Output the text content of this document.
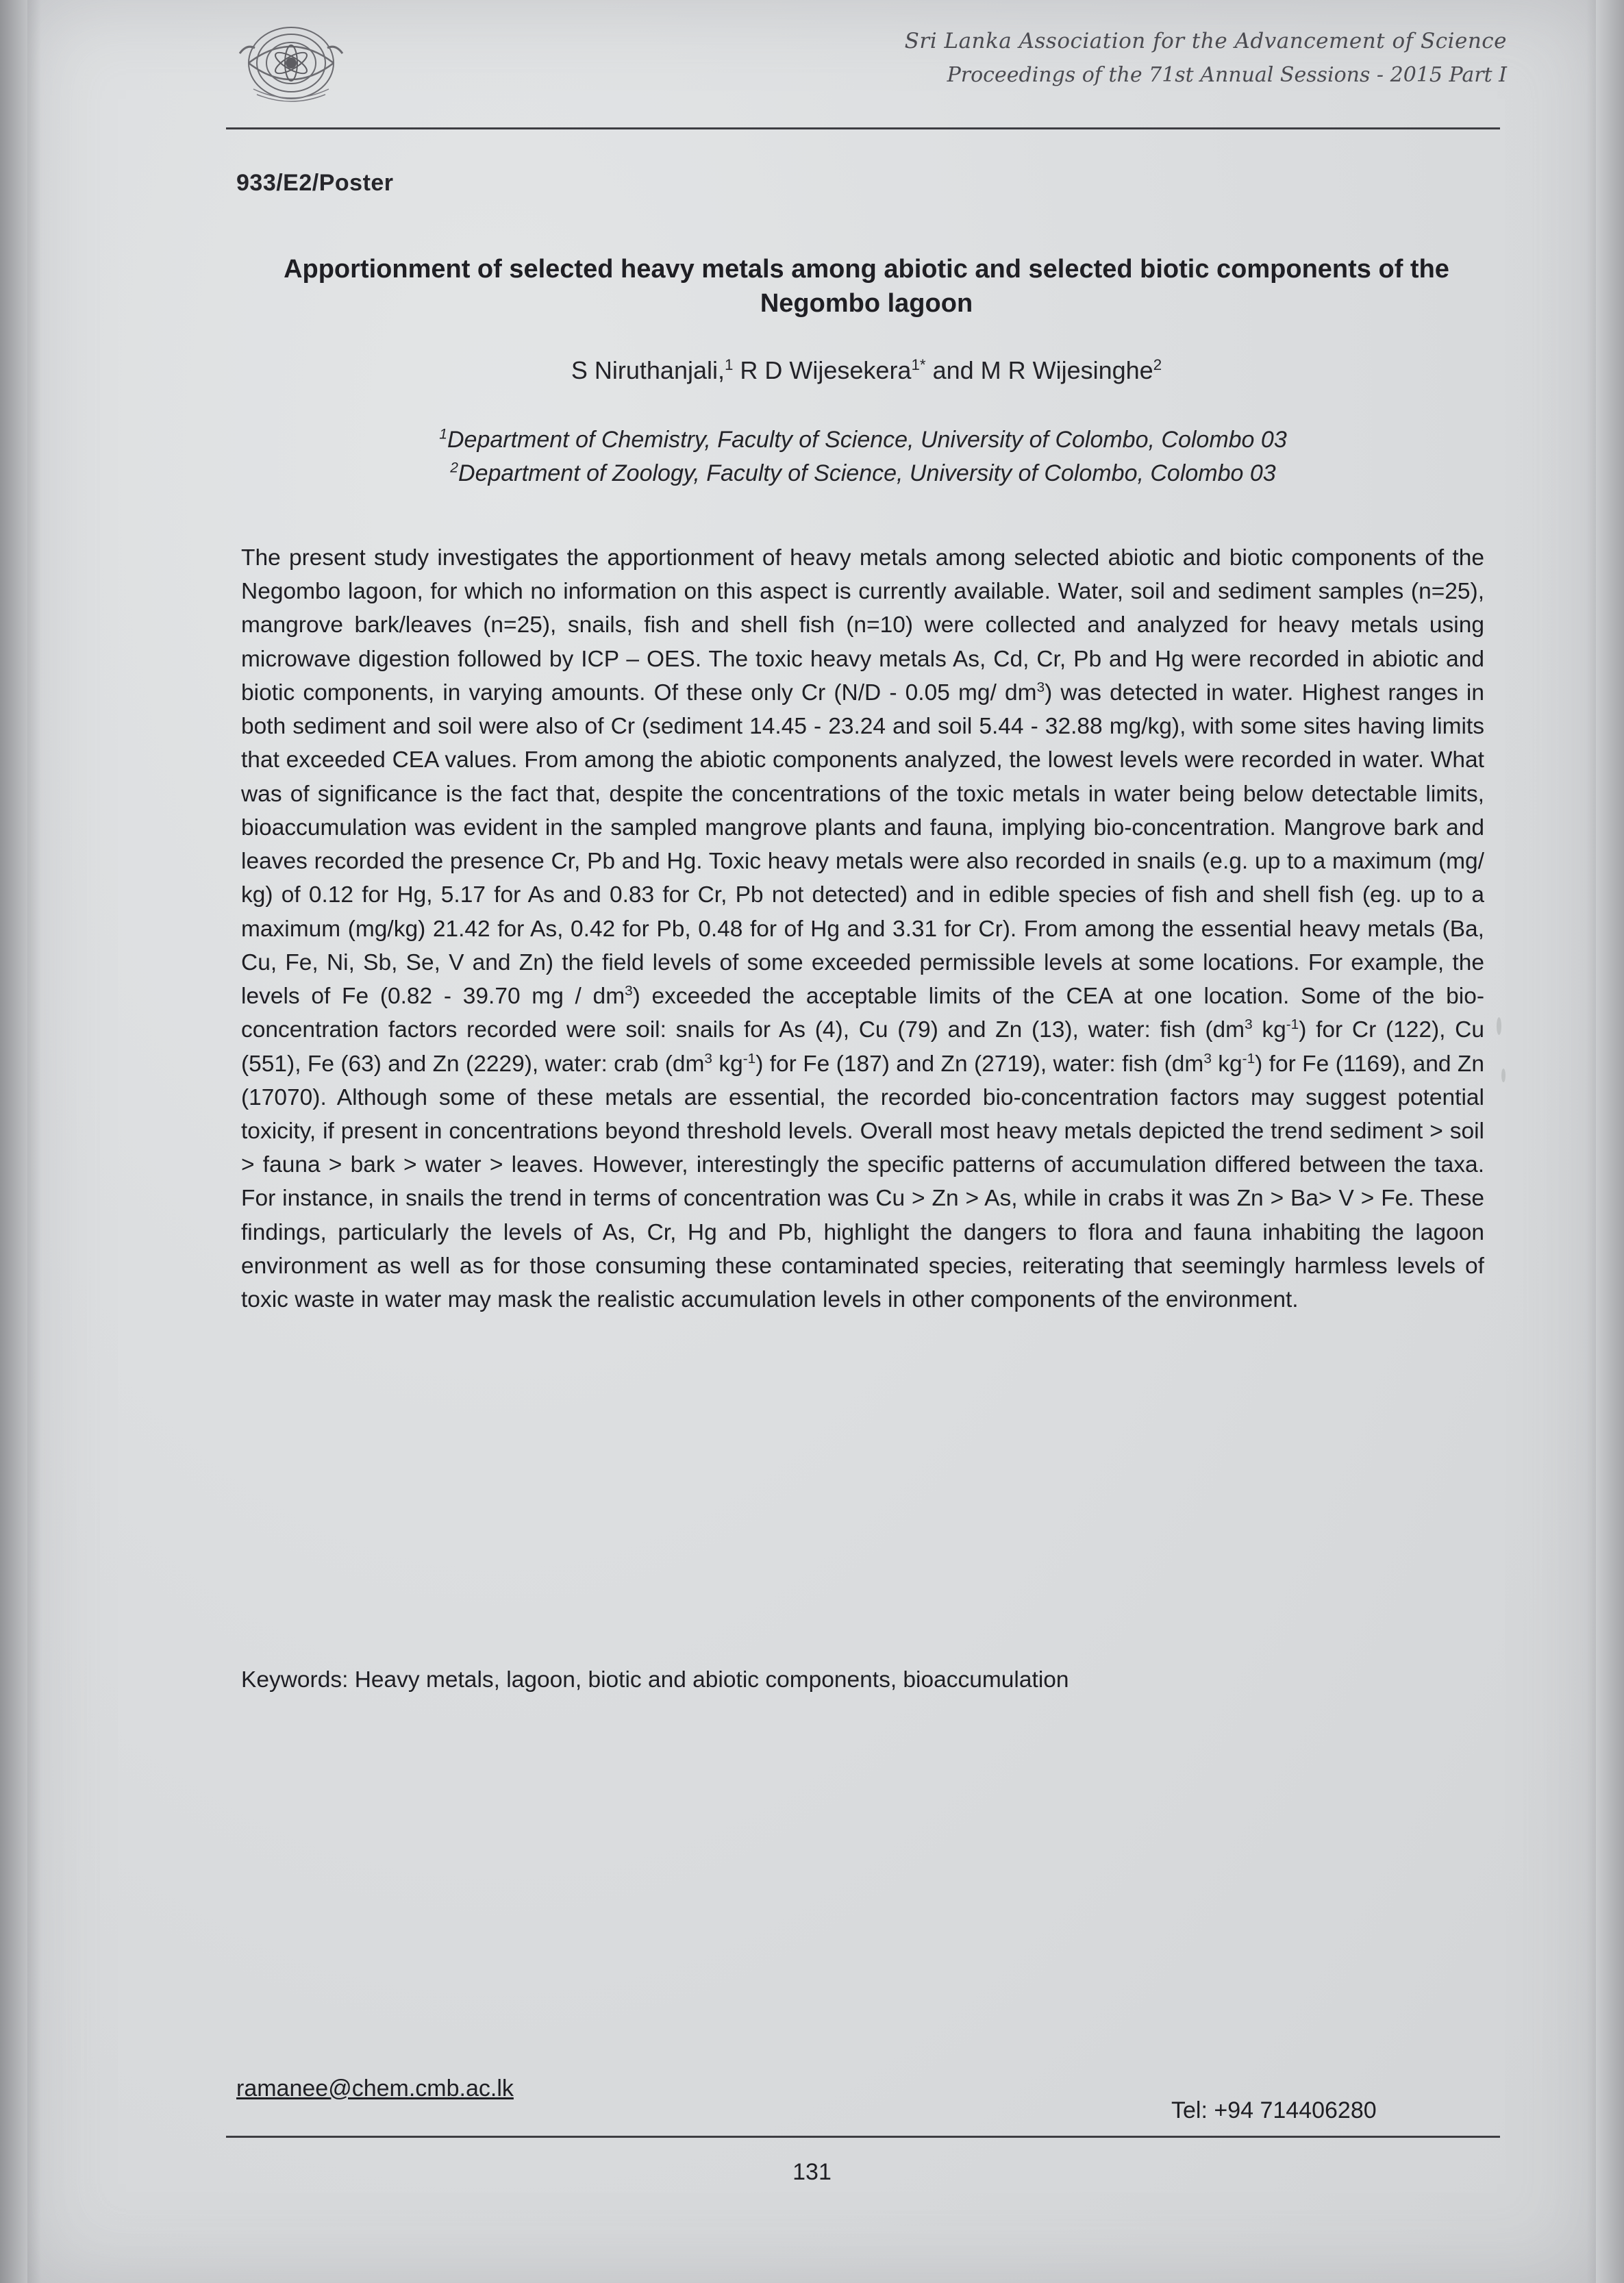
Sri Lanka Association for the Advancement of Science
Proceedings of the 71st Annual Sessions - 2015 Part I
933/E2/Poster
Apportionment of selected heavy metals among abiotic and selected biotic components of the Negombo lagoon
S Niruthanjali,$^1$ R D Wijesekera$^{1*}$ and M R Wijesinghe$^2$
$^1$Department of Chemistry, Faculty of Science, University of Colombo, Colombo 03
$^2$Department of Zoology, Faculty of Science, University of Colombo, Colombo 03
The present study investigates the apportionment of heavy metals among selected abiotic and biotic components of the Negombo lagoon, for which no information on this aspect is currently available. Water, soil and sediment samples (n=25), mangrove bark/leaves (n=25), snails, fish and shell fish (n=10) were collected and analyzed for heavy metals using microwave digestion followed by ICP – OES. The toxic heavy metals As, Cd, Cr, Pb and Hg were recorded in abiotic and biotic components, in varying amounts. Of these only Cr (N/D - 0.05 mg/ $dm^3$) was detected in water. Highest ranges in both sediment and soil were also of Cr (sediment 14.45 - 23.24 and soil 5.44 - 32.88 mg/kg), with some sites having limits that exceeded CEA values. From among the abiotic components analyzed, the lowest levels were recorded in water. What was of significance is the fact that, despite the concentrations of the toxic metals in water being below detectable limits, bioaccumulation was evident in the sampled mangrove plants and fauna, implying bio-concentration. Mangrove bark and leaves recorded the presence Cr, Pb and Hg. Toxic heavy metals were also recorded in snails (e.g. up to a maximum (mg/ kg) of 0.12 for Hg, 5.17 for As and 0.83 for Cr, Pb not detected) and in edible species of fish and shell fish (eg. up to a maximum (mg/kg) 21.42 for As, 0.42 for Pb, 0.48 for of Hg and 3.31 for Cr). From among the essential heavy metals (Ba, Cu, Fe, Ni, Sb, Se, V and Zn) the field levels of some exceeded permissible levels at some locations. For example, the levels of Fe (0.82 - 39.70 mg / $dm^3$) exceeded the acceptable limits of the CEA at one location. Some of the bio-concentration factors recorded were soil: snails for As (4), Cu (79) and Zn (13), water: fish ($dm^3$ $kg^{-1}$) for Cr (122), Cu (551), Fe (63) and Zn (2229), water: crab ($dm^3$ $kg^{-1}$) for Fe (187) and Zn (2719), water: fish ($dm^3$ $kg^{-1}$) for Fe (1169), and Zn (17070). Although some of these metals are essential, the recorded bio-concentration factors may suggest potential toxicity, if present in concentrations beyond threshold levels. Overall most heavy metals depicted the trend sediment > soil > fauna > bark > water > leaves. However, interestingly the specific patterns of accumulation differed between the taxa. For instance, in snails the trend in terms of concentration was Cu > Zn > As, while in crabs it was Zn > Ba> V > Fe. These findings, particularly the levels of As, Cr, Hg and Pb, highlight the dangers to flora and fauna inhabiting the lagoon environment as well as for those consuming these contaminated species, reiterating that seemingly harmless levels of toxic waste in water may mask the realistic accumulation levels in other components of the environment.
Keywords: Heavy metals, lagoon, biotic and abiotic components, bioaccumulation
ramanee@chem.cmb.ac.lk
Tel: +94 714406280
131
